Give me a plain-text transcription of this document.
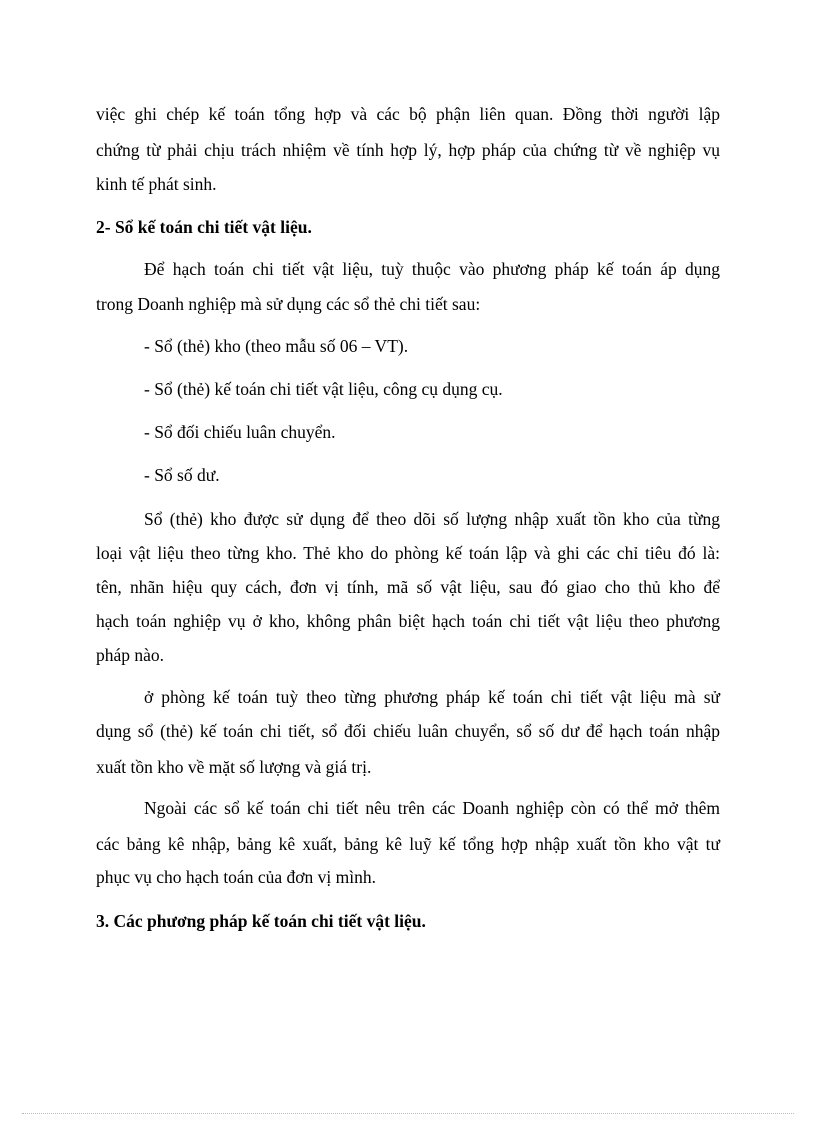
việc ghi chép kế toán tổng hợp và các bộ phận liên quan. Đồng thời người lập
chứng từ phải chịu trách nhiệm về tính hợp lý, hợp pháp của chứng từ về nghiệp vụ
kinh tế phát sinh.
2- Sổ kế toán chi tiết vật liệu.
Để hạch toán chi tiết vật liệu, tuỳ thuộc vào phương pháp kế toán áp dụng
trong Doanh nghiệp mà sử dụng các sổ thẻ chi tiết sau:
- Sổ (thẻ) kho (theo mẫu số 06 – VT).
- Sổ (thẻ) kế toán chi tiết vật liệu, công cụ dụng cụ.
- Sổ đối chiếu luân chuyển.
- Sổ số dư.
Sổ (thẻ) kho được sử dụng để theo dõi số lượng nhập xuất tồn kho của từng
loại vật liệu theo từng kho. Thẻ kho do phòng kế toán lập và ghi các chỉ tiêu đó là:
tên, nhãn hiệu quy cách, đơn vị tính, mã số vật liệu, sau đó giao cho thủ kho để
hạch toán nghiệp vụ ở kho, không phân biệt hạch toán chi tiết vật liệu theo phương
pháp nào.
ở phòng kế toán tuỳ theo từng phương pháp kế toán chi tiết vật liệu mà sử
dụng sổ (thẻ) kế toán chi tiết, sổ đối chiếu luân chuyển, sổ số dư để hạch toán nhập
xuất tồn kho về mặt số lượng và giá trị.
Ngoài các sổ kế toán chi tiết nêu trên các Doanh nghiệp còn có thể mở thêm
các bảng kê nhập, bảng kê xuất, bảng kê luỹ kế tổng hợp nhập xuất tồn kho vật tư
phục vụ cho hạch toán của đơn vị mình.
3. Các phương pháp kế toán chi tiết vật liệu.
